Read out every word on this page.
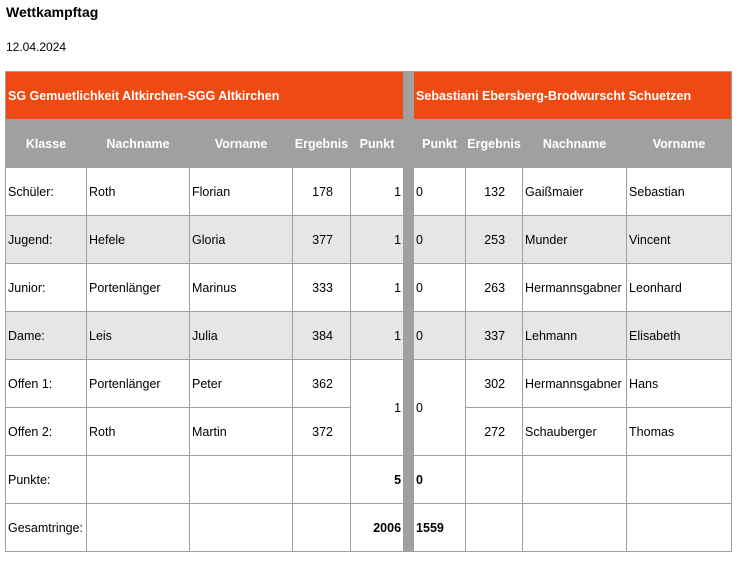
Wettkampftag
12.04.2024
SG Gemuetlichkeit Altkirchen-SGG Altkirchen						Sebastiani Ebersberg-Brodwurscht Schuetzen			
Klasse	Nachname	Vorname	Ergebnis	Punkt		Punkt	Ergebnis	Nachname	Vorname
Schüler:	Roth	Florian	178	1		0	132	Gaißmaier	Sebastian
Jugend:	Hefele	Gloria	377	1		0	253	Munder	Vincent
Junior:	Portenlänger	Marinus	333	1		0	263	Hermannsgabner	Leonhard
Dame:	Leis	Julia	384	1		0	337	Lehmann	Elisabeth
Offen 1:	Portenlänger	Peter	362	1		0	302	Hermannsgabner	Hans
Offen 2:	Roth	Martin	372				272	Schauberger	Thomas
Punkte:				5		0			
Gesamtringe:				2006		1559			
